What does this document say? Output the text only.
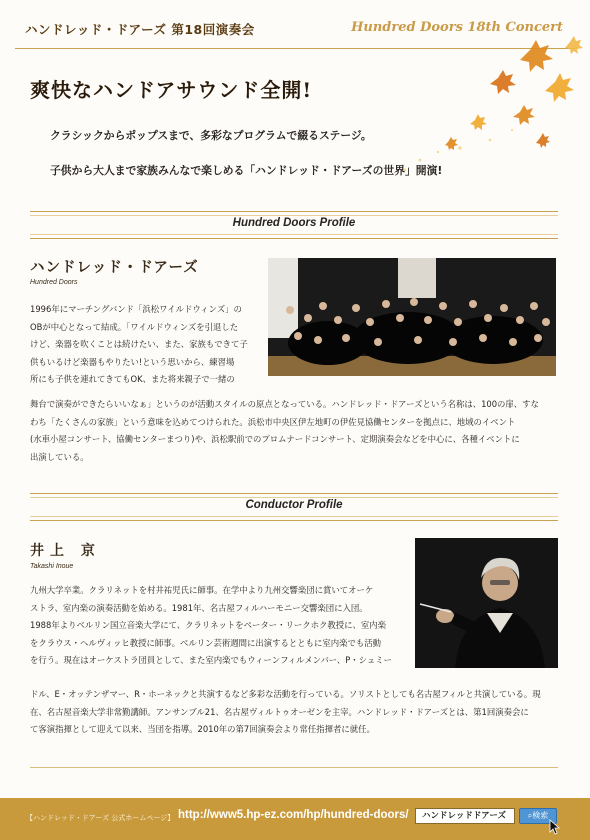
ハンドレッド・ドアーズ 第18回演奏会	Hundred Doors 18th Concert
爽快なハンドアサウンド全開!
クラシックからポップスまで、多彩なプログラムで綴るステージ。
子供から大人まで家族みんなで楽しめる「ハンドレッド・ドアーズの世界」開演!
Hundred Doors Profile
ハンドレッド・ドアーズ
Hundred Doors

1996年にマーチングバンド「浜松ワイルドウィンズ」の

OBが中心となって結成。「ワイルドウィンズを引退した

けど、楽器を吹くことは続けたい、また、家族もできて子

供もいるけど楽器もやりたい!という思いから、練習場

所にも子供を連れてきてもOK、また将来親子で一緒の

舞台で演奏ができたらいいなぁ」というのが活動スタイルの原点となっている。ハンドレッド・ドアーズという名称は、100の扉、すな

わち「たくさんの家族」という意味を込めてつけられた。浜松市中央区伊左地町の伊佐見協働センターを拠点に、地域のイベント

(水車小屋コンサート、協働センターまつり)や、浜松駅前でのプロムナードコンサート、定期演奏会などを中心に、各種イベントに

出演している。

Conductor Profile
井上 京
Takashi Inoue

九州大学卒業。クラリネットを村井祐児氏に師事。在学中より九州交響楽団に賞いてオーケ

ストラ、室内楽の演奏活動を始める。1981年、名古屋フィルハーモニー交響楽団に入団。

1988年よりベルリン国立音楽大学にて、クラリネットをペーター・リークホク教授に、室内楽

をクラウス・ヘルヴィッヒ教授に師事。ベルリン芸術週間に出演するとともに室内楽でも活動

を行う。現在はオーケストラ団員として、また室内楽でもウィーンフィルメンバー、P・シュミー

ドル、E・オッテンザマー、R・ホーネックと共演するなど多彩な活動を行っている。ソリストとしても名古屋フィルと共演している。現

在、名古屋音楽大学非常勤講師。アンサンブル21、名古屋ヴィルトゥオーゼンを主宰。ハンドレッド・ドアーズとは、第1回演奏会に

て客演指揮として迎えて以来、当団を指導。2010年の第7回演奏会より常任指揮者に就任。

【ハンドレッド・ドアーズ 公式ホームページ】 http://www5.hp-ez.com/hp/hundred-doors/	ハンドレッドドアーズ	⌕検索
